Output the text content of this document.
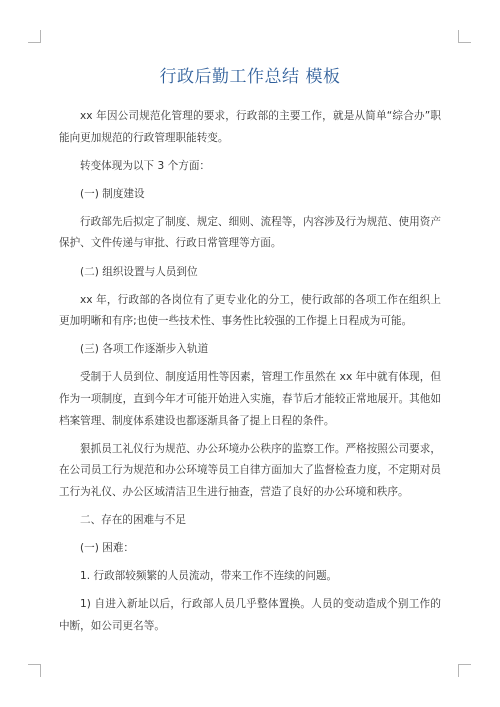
行政后勤工作总结 模板

xx 年因公司规范化管理的要求，行政部的主要工作，就是从简单“综合办”职能向更加规范的行政管理职能转变。

转变体现为以下 3 个方面：

(一) 制度建设

行政部先后拟定了制度、规定、细则、流程等，内容涉及行为规范、使用资产保护、文件传递与审批、行政日常管理等方面。

(二) 组织设置与人员到位

xx 年，行政部的各岗位有了更专业化的分工，使行政部的各项工作在组织上更加明晰和有序;也使一些技术性、事务性比较强的工作提上日程成为可能。

(三) 各项工作逐渐步入轨道

受制于人员到位、制度适用性等因素，管理工作虽然在 xx 年中就有体现，但作为一项制度，直到今年才可能开始进入实施，春节后才能较正常地展开。其他如档案管理、制度体系建设也都逐渐具备了提上日程的条件。

狠抓员工礼仪行为规范、办公环境办公秩序的监察工作。严格按照公司要求，在公司员工行为规范和办公环境等员工自律方面加大了监督检查力度，不定期对员工行为礼仪、办公区域清洁卫生进行抽查，营造了良好的办公环境和秩序。

二、存在的困难与不足

(一) 困难：

1. 行政部较频繁的人员流动，带来工作不连续的问题。

1) 自进入新址以后，行政部人员几乎整体置换。人员的变动造成个别工作的中断，如公司更名等。
